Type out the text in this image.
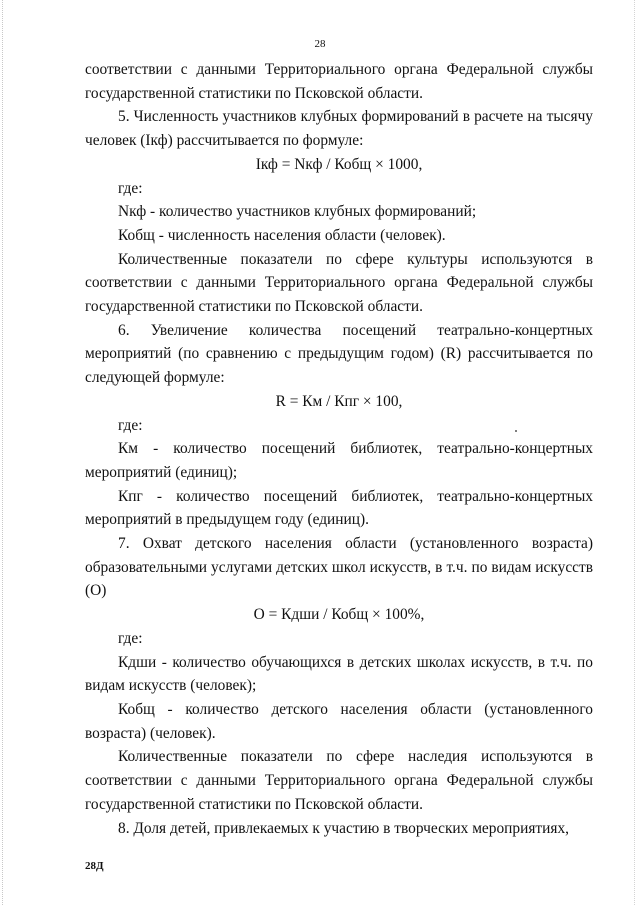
28

соответствии с данными Территориального органа Федеральной службы государственной статистики по Псковской области.

5. Численность участников клубных формирований в расчете на тысячу человек (Iкф) рассчитывается по формуле:

Iкф = Nкф / Кобщ × 1000,

где:

Nкф - количество участников клубных формирований;

Кобщ - численность населения области (человек).

Количественные показатели по сфере культуры используются в соответствии с данными Территориального органа Федеральной службы государственной статистики по Псковской области.

6. Увеличение количества посещений театрально-концертных мероприятий (по сравнению с предыдущим годом) (R) рассчитывается по следующей формуле:

R = Км / Кпг × 100,

где:

Км - количество посещений библиотек, театрально-концертных мероприятий (единиц);

Кпг - количество посещений библиотек, театрально-концертных мероприятий в предыдущем году (единиц).

7. Охват детского населения области (установленного возраста) образовательными услугами детских школ искусств, в т.ч. по видам искусств (О)

О = Кдши / Кобщ × 100%,

где:

Кдши - количество обучающихся в детских школах искусств, в т.ч. по видам искусств (человек);

Кобщ - количество детского населения области (установленного возраста) (человек).

Количественные показатели по сфере наследия используются в соответствии с данными Территориального органа Федеральной службы государственной статистики по Псковской области.

8. Доля детей, привлекаемых к участию в творческих мероприятиях,

28Д
